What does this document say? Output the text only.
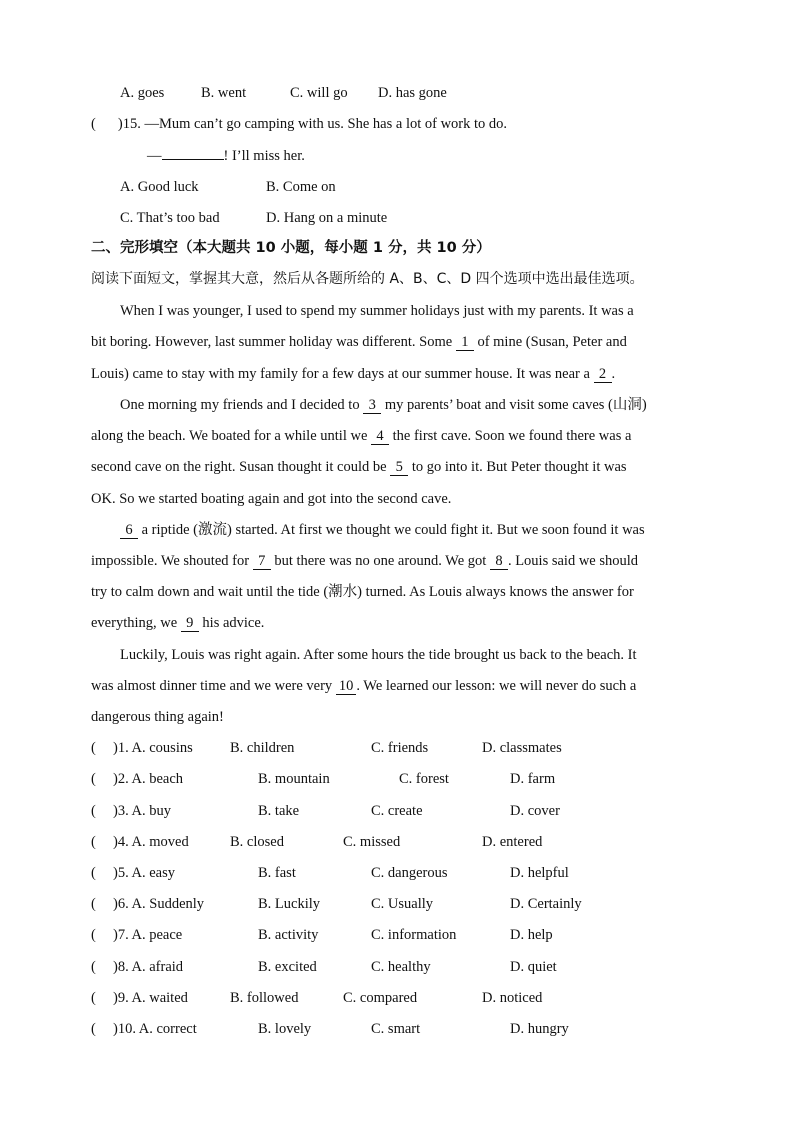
A. goes	B. went	C. will go D. has gone
( )15. —Mum can’t go camping with us. She has a lot of work to do.
—	! I’ll miss her.
A. Good luck	B. Come on
C. That’s too bad	D. Hang on a minute
二、完形填空（本大题共 10 小题，每小题 1 分，共 10 分）
阅读下面短文，掌握其大意，然后从各题所给的 A、B、C、D 四个选项中选出最佳选项。
When I was younger, I used to spend my summer holidays just with my parents. It was a
bit boring. However, last summer holiday was different. Some 1 of mine (Susan, Peter and
Louis) came to stay with my family for a few days at our summer house. It was near a 2 .
One morning my friends and I decided to 3 my parents’ boat and visit some caves (山洞)
along the beach. We boated for a while until we 4 the first cave. Soon we found there was a
second cave on the right. Susan thought it could be 5 to go into it. But Peter thought it was
OK. So we started boating again and got into the second cave.
6 a riptide (激流) started. At first we thought we could fight it. But we soon found it was
impossible. We shouted for 7 but there was no one around. We got 8 . Louis said we should
try to calm down and wait until the tide (潮水) turned. As Louis always knows the answer for
everything, we 9 his advice.
Luckily, Louis was right again. After some hours the tide brought us back to the beach. It
was almost dinner time and we were very 10 . We learned our lesson: we will never do such a
dangerous thing again!
( )1. A. cousins	B. children	C. friends	D. classmates
( )2. A. beach	B. mountain	C. forest	D. farm
( )3. A. buy	B. take	C. create	D. cover
( )4. A. moved	B. closed	C. missed	D. entered
( )5. A. easy	B. fast	C. dangerous	D. helpful
( )6. A. Suddenly	B. Luckily	C. Usually	D. Certainly
( )7. A. peace	B. activity	C. information	D. help
( )8. A. afraid	B. excited	C. healthy	D. quiet
( )9. A. waited	B. followed	C. compared	D. noticed
( )10. A. correct	B. lovely	C. smart	D. hungry
